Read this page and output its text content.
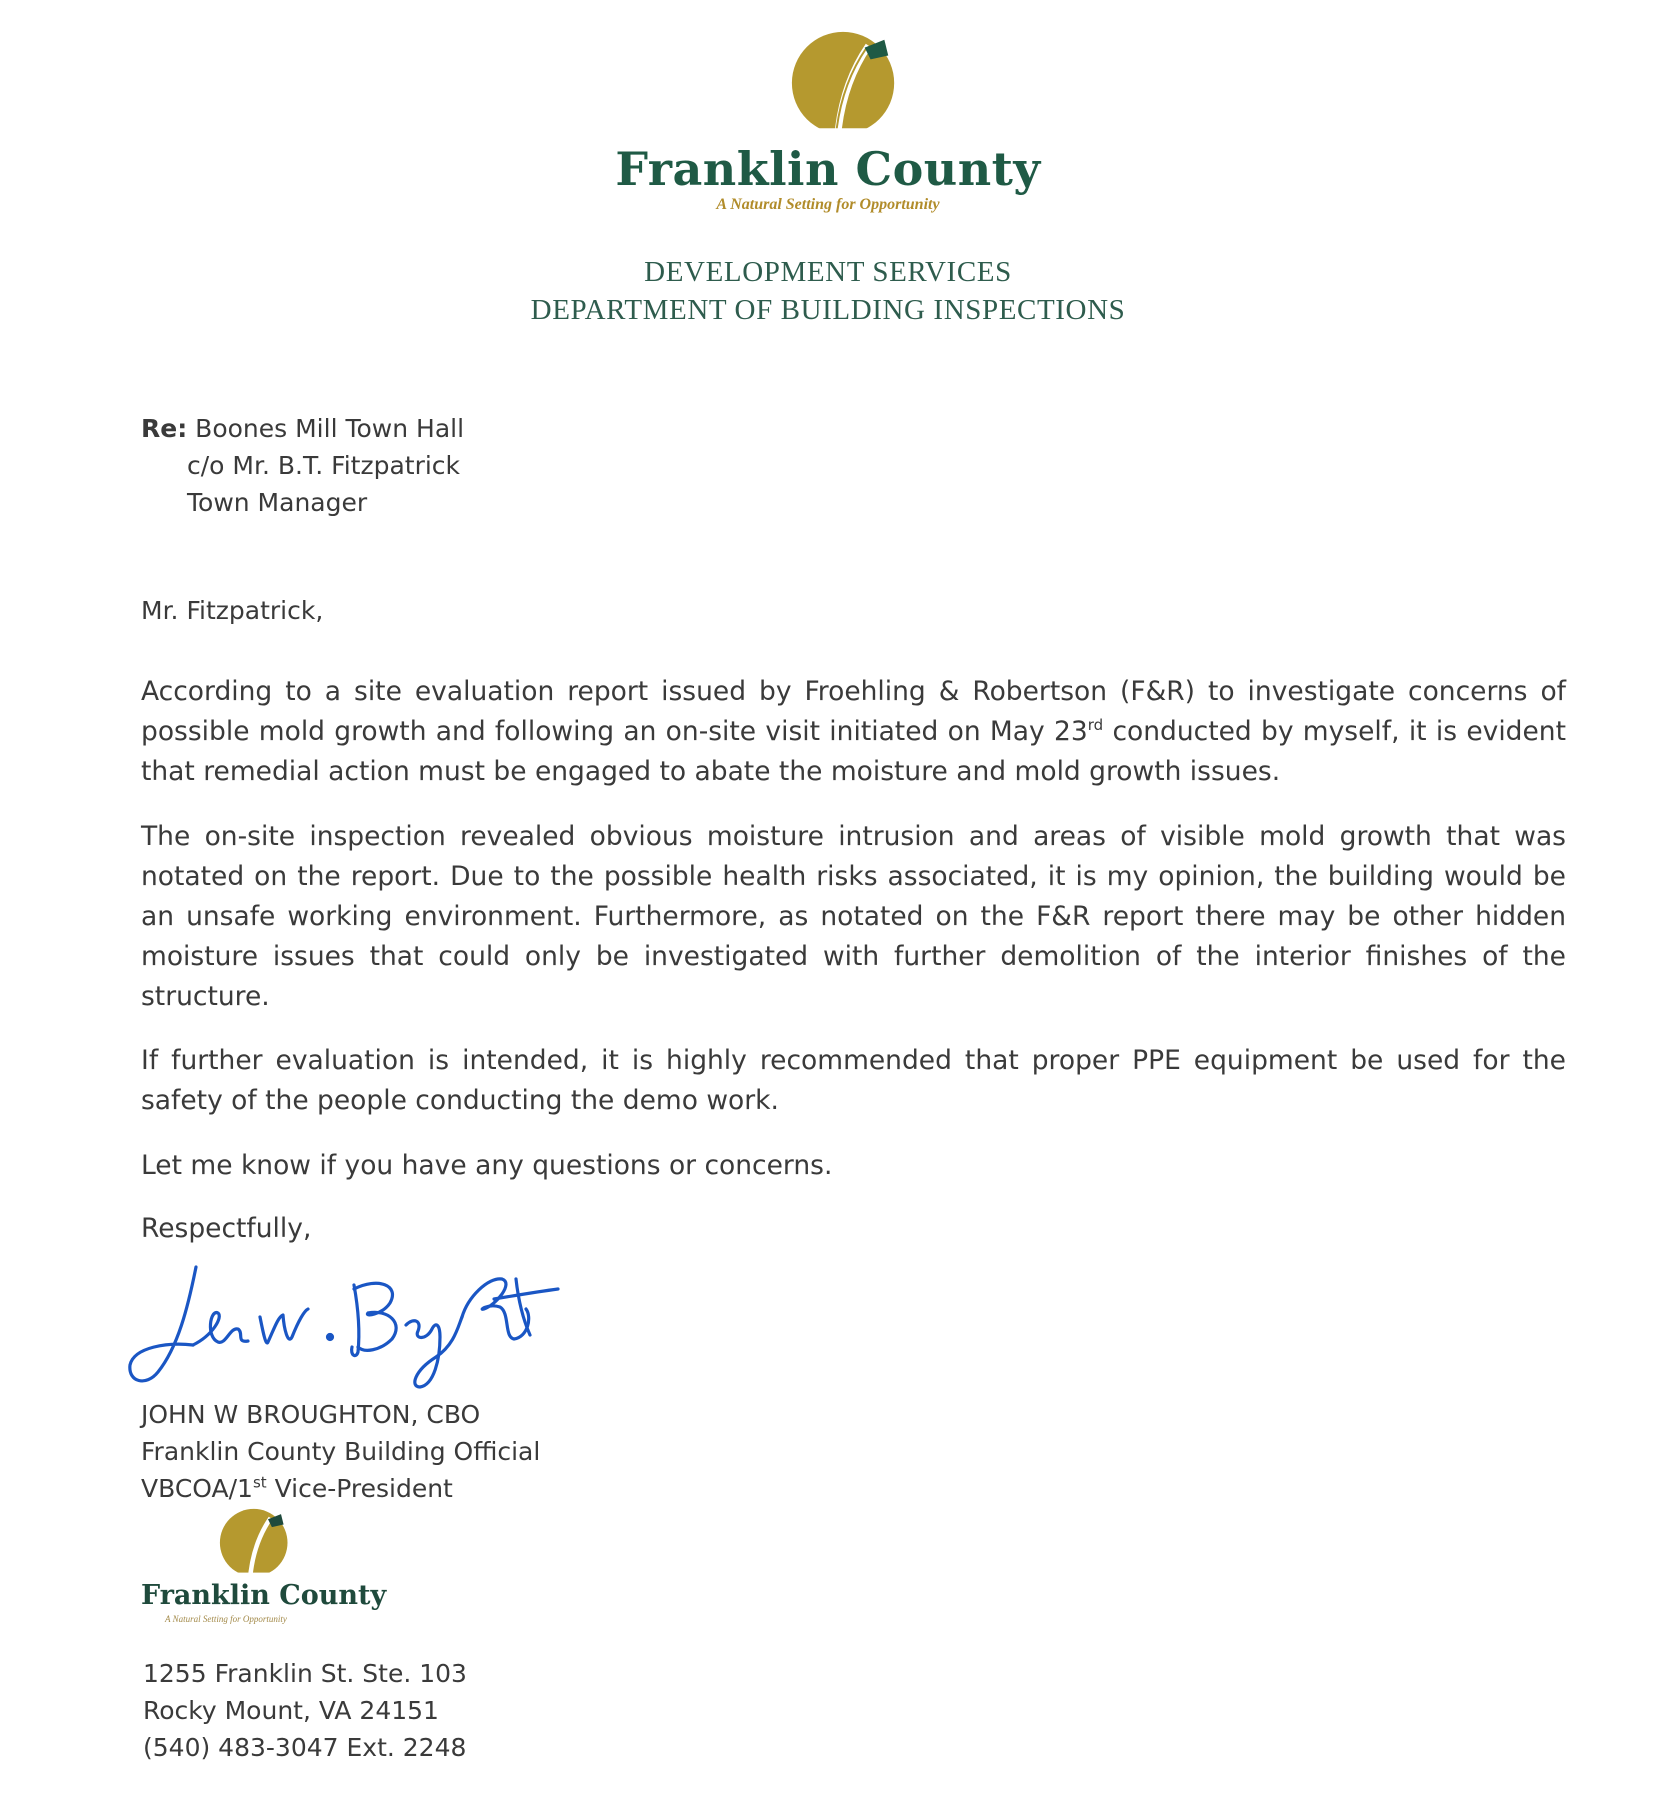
Franklin County
A Natural Setting for Opportunity
DEVELOPMENT SERVICES
DEPARTMENT OF BUILDING INSPECTIONS
Re: Boones Mill Town Hall
c/o Mr. B.T. Fitzpatrick
Town Manager
Mr. Fitzpatrick,
According to a site evaluation report issued by Froehling & Robertson (F&R) to investigate concerns of possible mold growth and following an on-site visit initiated on May 23rd conducted by myself, it is evident that remedial action must be engaged to abate the moisture and mold growth issues.
The on-site inspection revealed obvious moisture intrusion and areas of visible mold growth that was notated on the report. Due to the possible health risks associated, it is my opinion, the building would be an unsafe working environment. Furthermore, as notated on the F&R report there may be other hidden moisture issues that could only be investigated with further demolition of the interior finishes of the structure.
If further evaluation is intended, it is highly recommended that proper PPE equipment be used for the safety of the people conducting the demo work.
Let me know if you have any questions or concerns.
Respectfully,
JOHN W BROUGHTON, CBO
Franklin County Building Official
VBCOA/1st Vice-President
Franklin County
A Natural Setting for Opportunity
1255 Franklin St. Ste. 103
Rocky Mount, VA 24151
(540) 483-3047 Ext. 2248
